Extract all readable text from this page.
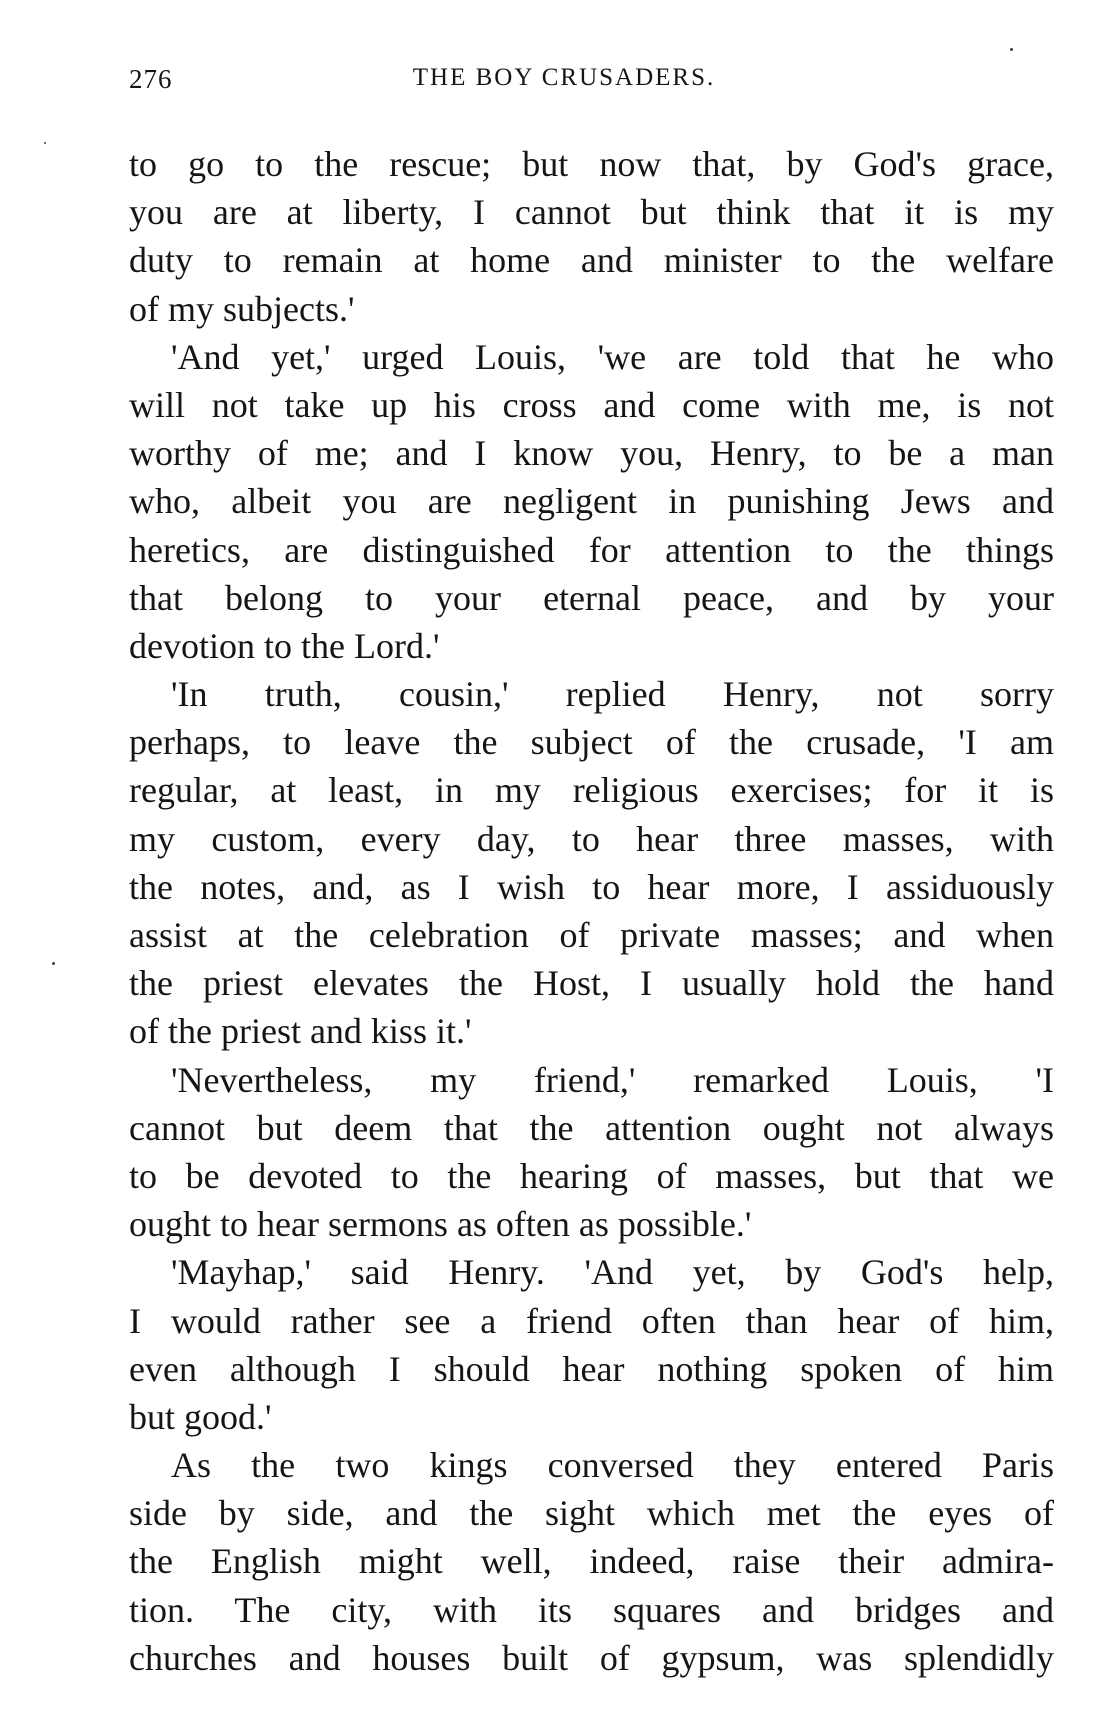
276	THE BOY CRUSADERS.
to go to the rescue; but now that, by God's grace,
you are at liberty, I cannot but think that it is my
duty to remain at home and minister to the welfare
of my subjects.'
'And yet,' urged Louis, 'we are told that he who
will not take up his cross and come with me, is not
worthy of me; and I know you, Henry, to be a man
who, albeit you are negligent in punishing Jews and
heretics, are distinguished for attention to the things
that belong to your eternal peace, and by your
devotion to the Lord.'
'In truth, cousin,' replied Henry, not sorry
perhaps, to leave the subject of the crusade, 'I am
regular, at least, in my religious exercises; for it is
my custom, every day, to hear three masses, with
the notes, and, as I wish to hear more, I assiduously
assist at the celebration of private masses; and when
the priest elevates the Host, I usually hold the hand
of the priest and kiss it.'
'Nevertheless, my friend,' remarked Louis, 'I
cannot but deem that the attention ought not always
to be devoted to the hearing of masses, but that we
ought to hear sermons as often as possible.'
'Mayhap,' said Henry. 'And yet, by God's help,
I would rather see a friend often than hear of him,
even although I should hear nothing spoken of him
but good.'
As the two kings conversed they entered Paris
side by side, and the sight which met the eyes of
the English might well, indeed, raise their admira-
tion. The city, with its squares and bridges and
churches and houses built of gypsum, was splendidly
